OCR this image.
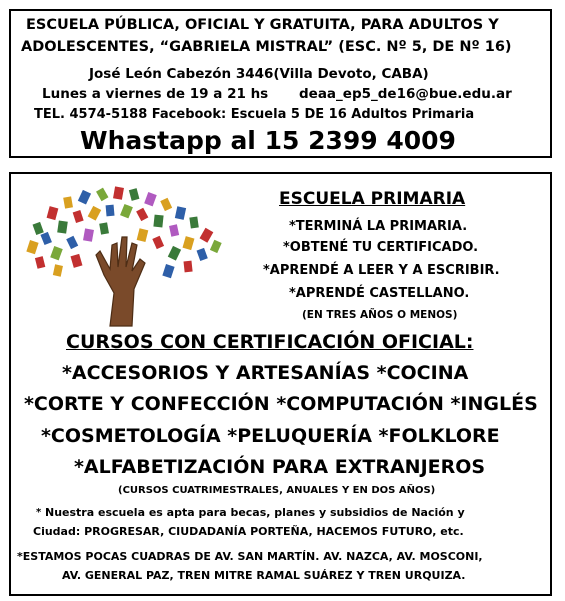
ESCUELA PÚBLICA, OFICIAL Y GRATUITA, PARA ADULTOS Y
ADOLESCENTES, “GABRIELA MISTRAL” (ESC. Nº 5, DE Nº 16)
José León Cabezón 3446(Villa Devoto, CABA)
Lunes a viernes de 19 a 21 hs deaa_ep5_de16@bue.edu.ar
TEL. 4574-5188 Facebook: Escuela 5 DE 16 Adultos Primaria
Whastapp al 15 2399 4009
ESCUELA PRIMARIA
*TERMINÁ LA PRIMARIA.
*OBTENÉ TU CERTIFICADO.
*APRENDÉ A LEER Y A ESCRIBIR.
*APRENDÉ CASTELLANO.
(EN TRES AÑOS O MENOS)
CURSOS CON CERTIFICACIÓN OFICIAL:
*ACCESORIOS Y ARTESANÍAS *COCINA
*CORTE Y CONFECCIÓN *COMPUTACIÓN *INGLÉS
*COSMETOLOGÍA *PELUQUERÍA *FOLKLORE
*ALFABETIZACIÓN PARA EXTRANJEROS
(CURSOS CUATRIMESTRALES, ANUALES Y EN DOS AÑOS)
* Nuestra escuela es apta para becas, planes y subsidios de Nación y
Ciudad: PROGRESAR, CIUDADANÍA PORTEÑA, HACEMOS FUTURO, etc.
*ESTAMOS POCAS CUADRAS DE AV. SAN MARTÍN. AV. NAZCA, AV. MOSCONI,
AV. GENERAL PAZ, TREN MITRE RAMAL SUÁREZ Y TREN URQUIZA.
